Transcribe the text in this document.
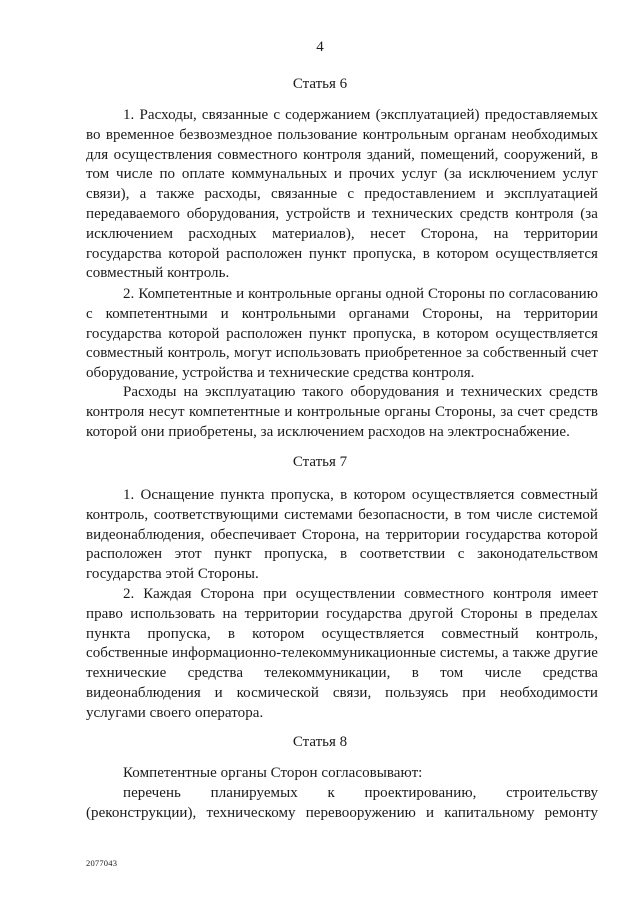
4
Статья 6

1. Расходы, связанные с содержанием (эксплуатацией) предоставляемых во временное безвозмездное пользование контрольным органам необходимых для осуществления совместного контроля зданий, помещений, сооружений, в том числе по оплате коммунальных и прочих услуг (за исключением услуг связи), а также расходы, связанные с предоставлением и эксплуатацией передаваемого оборудования, устройств и технических средств контроля (за исключением расходных материалов), несет Сторона, на территории государства которой расположен пункт пропуска, в котором осуществляется совместный контроль.

2. Компетентные и контрольные органы одной Стороны по согласованию с компетентными и контрольными органами Стороны, на территории государства которой расположен пункт пропуска, в котором осуществляется совместный контроль, могут использовать приобретенное за собственный счет оборудование, устройства и технические средства контроля.

Расходы на эксплуатацию такого оборудования и технических средств контроля несут компетентные и контрольные органы Стороны, за счет средств которой они приобретены, за исключением расходов на электроснабжение.

Статья 7

1. Оснащение пункта пропуска, в котором осуществляется совместный контроль, соответствующими системами безопасности, в том числе системой видеонаблюдения, обеспечивает Сторона, на территории государства которой расположен этот пункт пропуска, в соответствии с законодательством государства этой Стороны.

2. Каждая Сторона при осуществлении совместного контроля имеет право использовать на территории государства другой Стороны в пределах пункта пропуска, в котором осуществляется совместный контроль, собственные информационно-телекоммуникационные системы, а также другие технические средства телекоммуникации, в том числе средства видеонаблюдения и космической связи, пользуясь при необходимости услугами своего оператора.

Статья 8

Компетентные органы Сторон согласовывают:

перечень планируемых к проектированию, строительству (реконструкции), техническому перевооружению и капитальному ремонту

2077043
